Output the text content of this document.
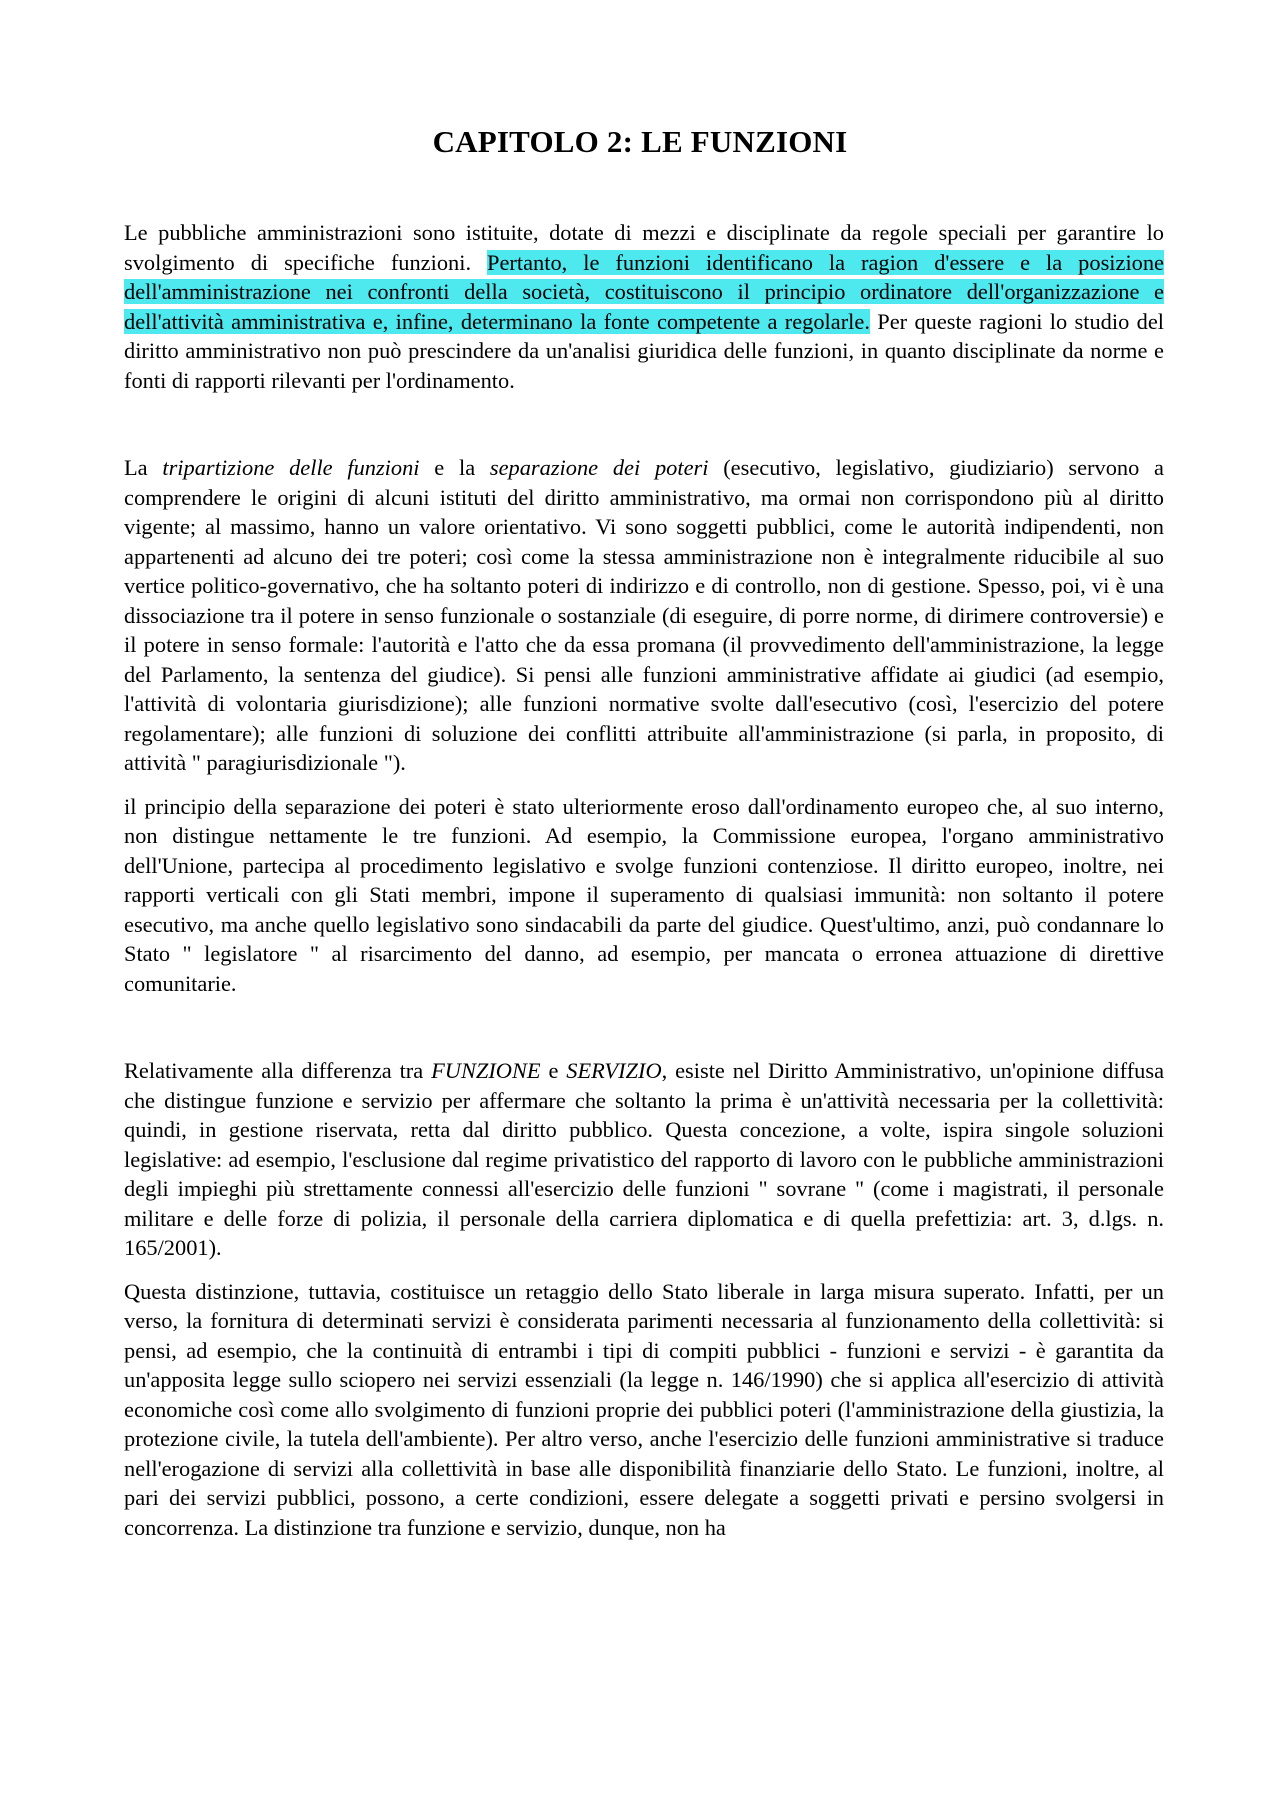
CAPITOLO 2: LE FUNZIONI

Le pubbliche amministrazioni sono istituite, dotate di mezzi e disciplinate da regole speciali per garantire lo svolgimento di specifiche funzioni. Pertanto, le funzioni identificano la ragion d'essere e la posizione dell'amministrazione nei confronti della società, costituiscono il principio ordinatore dell'organizzazione e dell'attività amministrativa e, infine, determinano la fonte competente a regolarle. Per queste ragioni lo studio del diritto amministrativo non può prescindere da un'analisi giuridica delle funzioni, in quanto disciplinate da norme e fonti di rapporti rilevanti per l'ordinamento.

La tripartizione delle funzioni e la separazione dei poteri (esecutivo, legislativo, giudiziario) servono a comprendere le origini di alcuni istituti del diritto amministrativo, ma ormai non corrispondono più al diritto vigente; al massimo, hanno un valore orientativo. Vi sono soggetti pubblici, come le autorità indipendenti, non appartenenti ad alcuno dei tre poteri; così come la stessa amministrazione non è integralmente riducibile al suo vertice politico-governativo, che ha soltanto poteri di indirizzo e di controllo, non di gestione. Spesso, poi, vi è una dissociazione tra il potere in senso funzionale o sostanziale (di eseguire, di porre norme, di dirimere controversie) e il potere in senso formale: l'autorità e l'atto che da essa promana (il provvedimento dell'amministrazione, la legge del Parlamento, la sentenza del giudice). Si pensi alle funzioni amministrative affidate ai giudici (ad esempio, l'attività di volontaria giurisdizione); alle funzioni normative svolte dall'esecutivo (così, l'esercizio del potere regolamentare); alle funzioni di soluzione dei conflitti attribuite all'amministrazione (si parla, in proposito, di attività " paragiurisdizionale ").

il principio della separazione dei poteri è stato ulteriormente eroso dall'ordinamento europeo che, al suo interno, non distingue nettamente le tre funzioni. Ad esempio, la Commissione europea, l'organo amministrativo dell'Unione, partecipa al procedimento legislativo e svolge funzioni contenziose. Il diritto europeo, inoltre, nei rapporti verticali con gli Stati membri, impone il superamento di qualsiasi immunità: non soltanto il potere esecutivo, ma anche quello legislativo sono sindacabili da parte del giudice. Quest'ultimo, anzi, può condannare lo Stato " legislatore " al risarcimento del danno, ad esempio, per mancata o erronea attuazione di direttive comunitarie.

Relativamente alla differenza tra FUNZIONE e SERVIZIO, esiste nel Diritto Amministrativo, un'opinione diffusa che distingue funzione e servizio per affermare che soltanto la prima è un'attività necessaria per la collettività: quindi, in gestione riservata, retta dal diritto pubblico. Questa concezione, a volte, ispira singole soluzioni legislative: ad esempio, l'esclusione dal regime privatistico del rapporto di lavoro con le pubbliche amministrazioni degli impieghi più strettamente connessi all'esercizio delle funzioni " sovrane " (come i magistrati, il personale militare e delle forze di polizia, il personale della carriera diplomatica e di quella prefettizia: art. 3, d.lgs. n. 165/2001).

Questa distinzione, tuttavia, costituisce un retaggio dello Stato liberale in larga misura superato. Infatti, per un verso, la fornitura di determinati servizi è considerata parimenti necessaria al funzionamento della collettività: si pensi, ad esempio, che la continuità di entrambi i tipi di compiti pubblici - funzioni e servizi - è garantita da un'apposita legge sullo sciopero nei servizi essenziali (la legge n. 146/1990) che si applica all'esercizio di attività economiche così come allo svolgimento di funzioni proprie dei pubblici poteri (l'amministrazione della giustizia, la protezione civile, la tutela dell'ambiente). Per altro verso, anche l'esercizio delle funzioni amministrative si traduce nell'erogazione di servizi alla collettività in base alle disponibilità finanziarie dello Stato. Le funzioni, inoltre, al pari dei servizi pubblici, possono, a certe condizioni, essere delegate a soggetti privati e persino svolgersi in concorrenza. La distinzione tra funzione e servizio, dunque, non ha
